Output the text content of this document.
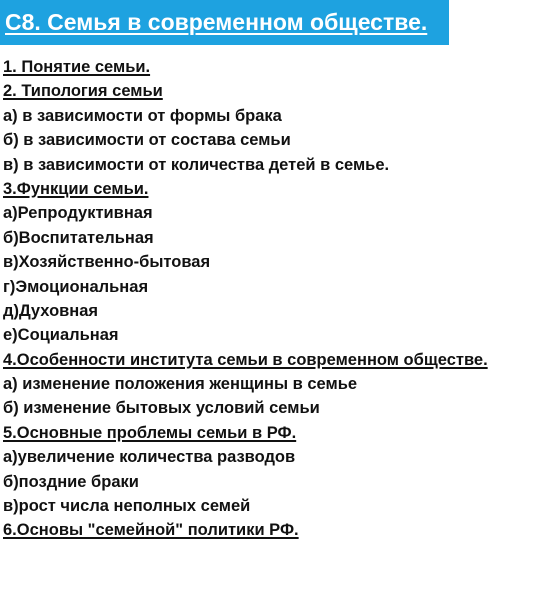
С8. Семья в современном обществе.
1. Понятие семьи.
2. Типология семьи
а) в зависимости от формы брака
б) в зависимости от состава семьи
в) в зависимости от количества детей в семье.
3.Функции семьи.
а)Репродуктивная
б)Воспитательная
в)Хозяйственно-бытовая
г)Эмоциональная
д)Духовная
е)Социальная
4.Особенности института семьи в современном обществе.
а) изменение положения женщины в семье
б) изменение бытовых условий семьи
5.Основные проблемы семьи в РФ.
а)увеличение количества разводов
б)поздние браки
в)рост числа неполных семей
6.Основы "семейной" политики РФ.
